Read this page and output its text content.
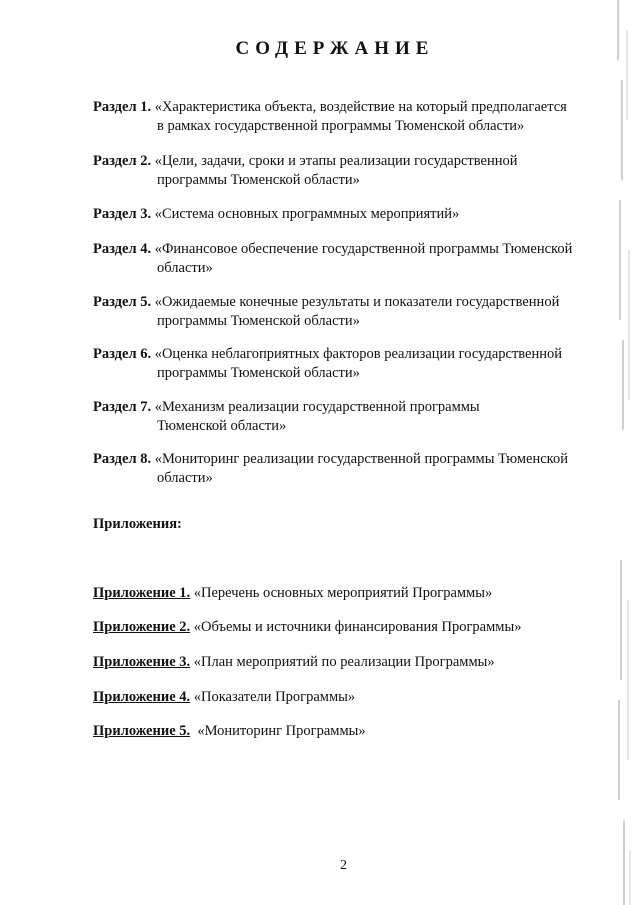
СОДЕРЖАНИЕ
Раздел 1. «Характеристика объекта, воздействие на который предполагается
в рамках государственной программы Тюменской области»
Раздел 2. «Цели, задачи, сроки и этапы реализации государственной
программы Тюменской области»
Раздел 3. «Система основных программных мероприятий»
Раздел 4. «Финансовое обеспечение государственной программы Тюменской
области»
Раздел 5. «Ожидаемые конечные результаты и показатели государственной
программы Тюменской области»
Раздел 6. «Оценка неблагоприятных факторов реализации государственной
программы Тюменской области»
Раздел 7. «Механизм реализации государственной программы
Тюменской области»
Раздел 8. «Мониторинг реализации государственной программы Тюменской
области»
Приложения:
Приложение 1. «Перечень основных мероприятий Программы»
Приложение 2. «Объемы и источники финансирования Программы»
Приложение 3. «План мероприятий по реализации Программы»
Приложение 4. «Показатели Программы»
Приложение 5.  «Мониторинг Программы»
2
